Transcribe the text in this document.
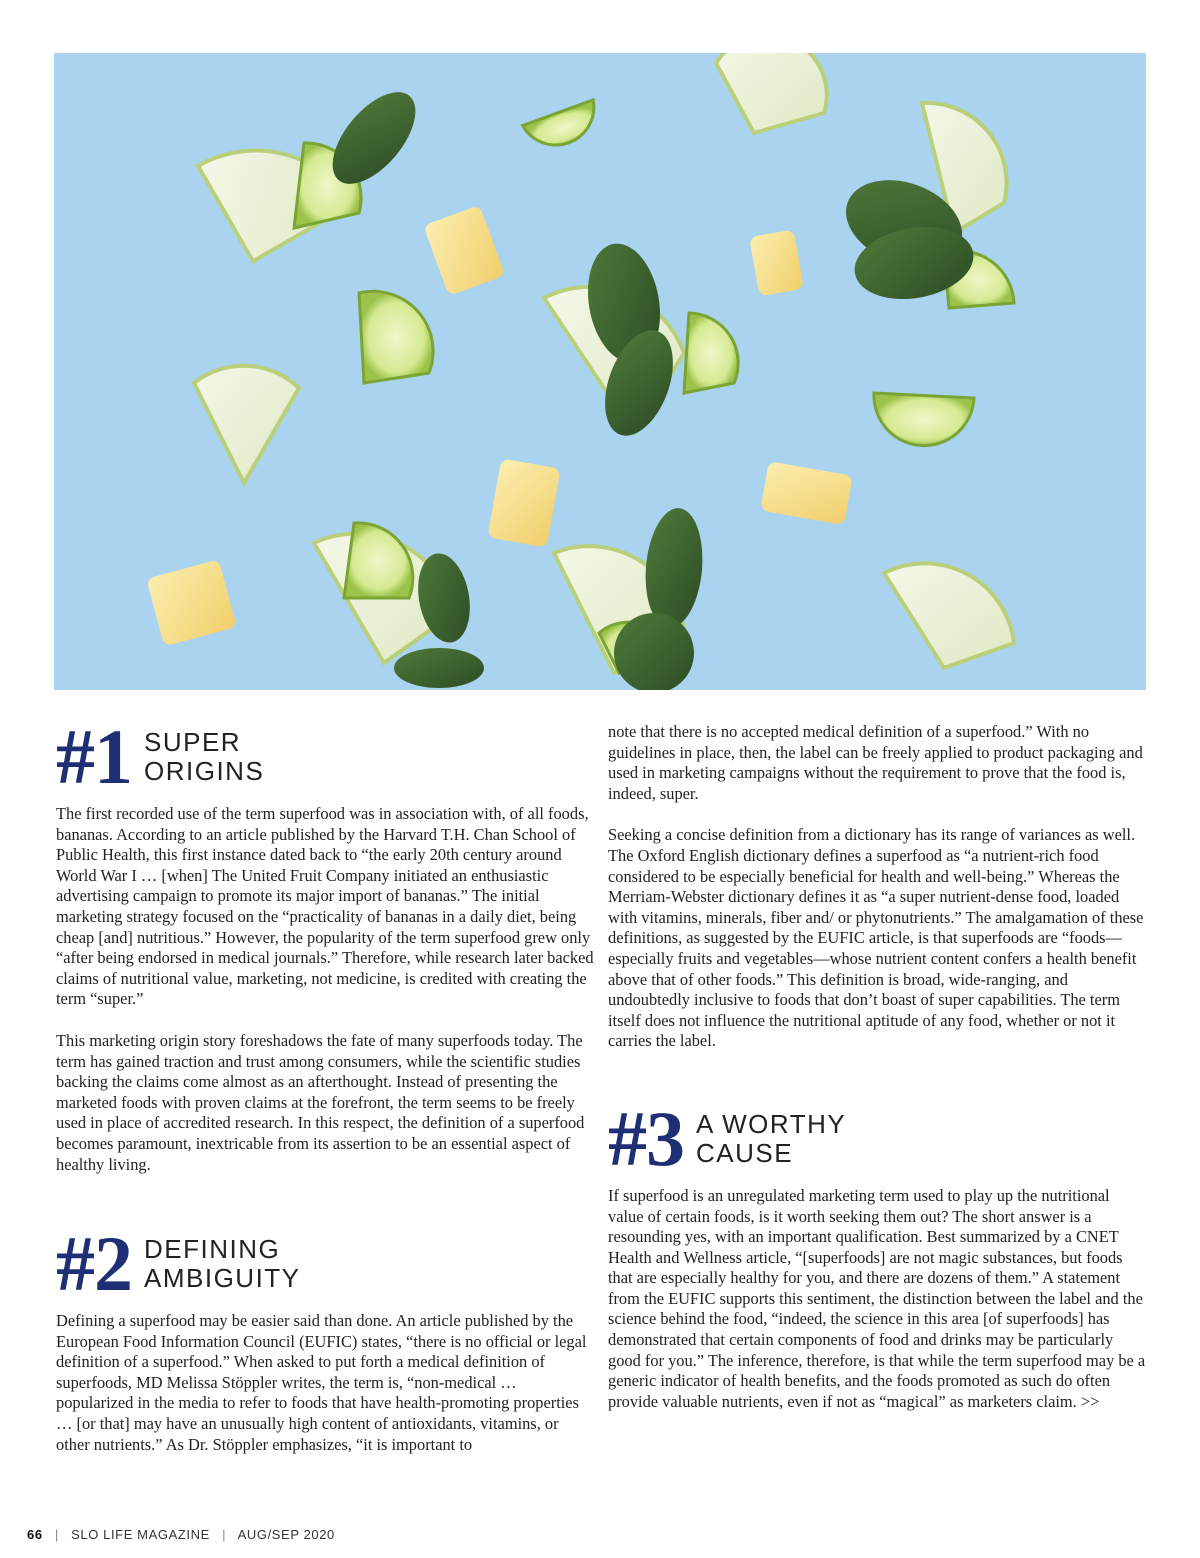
#1 SUPER
ORIGINS

The first recorded use of the term superfood was in association with, of all foods, bananas. According to an article published by the Harvard T.H. Chan School of Public Health, this first instance dated back to “the early 20th century around World War I … [when] The United Fruit Company initiated an enthusiastic advertising campaign to promote its major import of bananas.” The initial marketing strategy focused on the “practicality of bananas in a daily diet, being cheap [and] nutritious.” However, the popularity of the term superfood grew only “after being endorsed in medical journals.” Therefore, while research later backed claims of nutritional value, marketing, not medicine, is credited with creating the term “super.”

This marketing origin story foreshadows the fate of many superfoods today. The term has gained traction and trust among consumers, while the scientific studies backing the claims come almost as an afterthought. Instead of presenting the marketed foods with proven claims at the forefront, the term seems to be freely used in place of accredited research. In this respect, the definition of a superfood becomes paramount, inextricable from its assertion to be an essential aspect of healthy living.

#2 DEFINING
AMBIGUITY

Defining a superfood may be easier said than done. An article published by the European Food Information Council (EUFIC) states, “there is no official or legal definition of a superfood.” When asked to put forth a medical definition of superfoods, MD Melissa Stöppler writes, the term is, “non-medical … popularized in the media to refer to foods that have health-promoting properties … [or that] may have an unusually high content of antioxidants, vitamins, or other nutrients.” As Dr. Stöppler emphasizes, “it is important to

note that there is no accepted medical definition of a superfood.” With no guidelines in place, then, the label can be freely applied to product packaging and used in marketing campaigns without the requirement to prove that the food is, indeed, super.

Seeking a concise definition from a dictionary has its range of variances as well. The Oxford English dictionary defines a superfood as “a nutrient-rich food considered to be especially beneficial for health and well-being.” Whereas the Merriam-Webster dictionary defines it as “a super nutrient-dense food, loaded with vitamins, minerals, fiber and/ or phytonutrients.” The amalgamation of these definitions, as suggested by the EUFIC article, is that superfoods are “foods—especially fruits and vegetables—whose nutrient content confers a health benefit above that of other foods.” This definition is broad, wide-ranging, and undoubtedly inclusive to foods that don’t boast of super capabilities. The term itself does not influence the nutritional aptitude of any food, whether or not it carries the label.

#3 A WORTHY
CAUSE

If superfood is an unregulated marketing term used to play up the nutritional value of certain foods, is it worth seeking them out? The short answer is a resounding yes, with an important qualification. Best summarized by a CNET Health and Wellness article, “[superfoods] are not magic substances, but foods that are especially healthy for you, and there are dozens of them.” A statement from the EUFIC supports this sentiment, the distinction between the label and the science behind the food, “indeed, the science in this area [of superfoods] has demonstrated that certain components of food and drinks may be particularly good for you.” The inference, therefore, is that while the term superfood may be a generic indicator of health benefits, and the foods promoted as such do often provide valuable nutrients, even if not as “magical” as marketers claim. >>

66 | SLO LIFE MAGAZINE | AUG/SEP 2020
